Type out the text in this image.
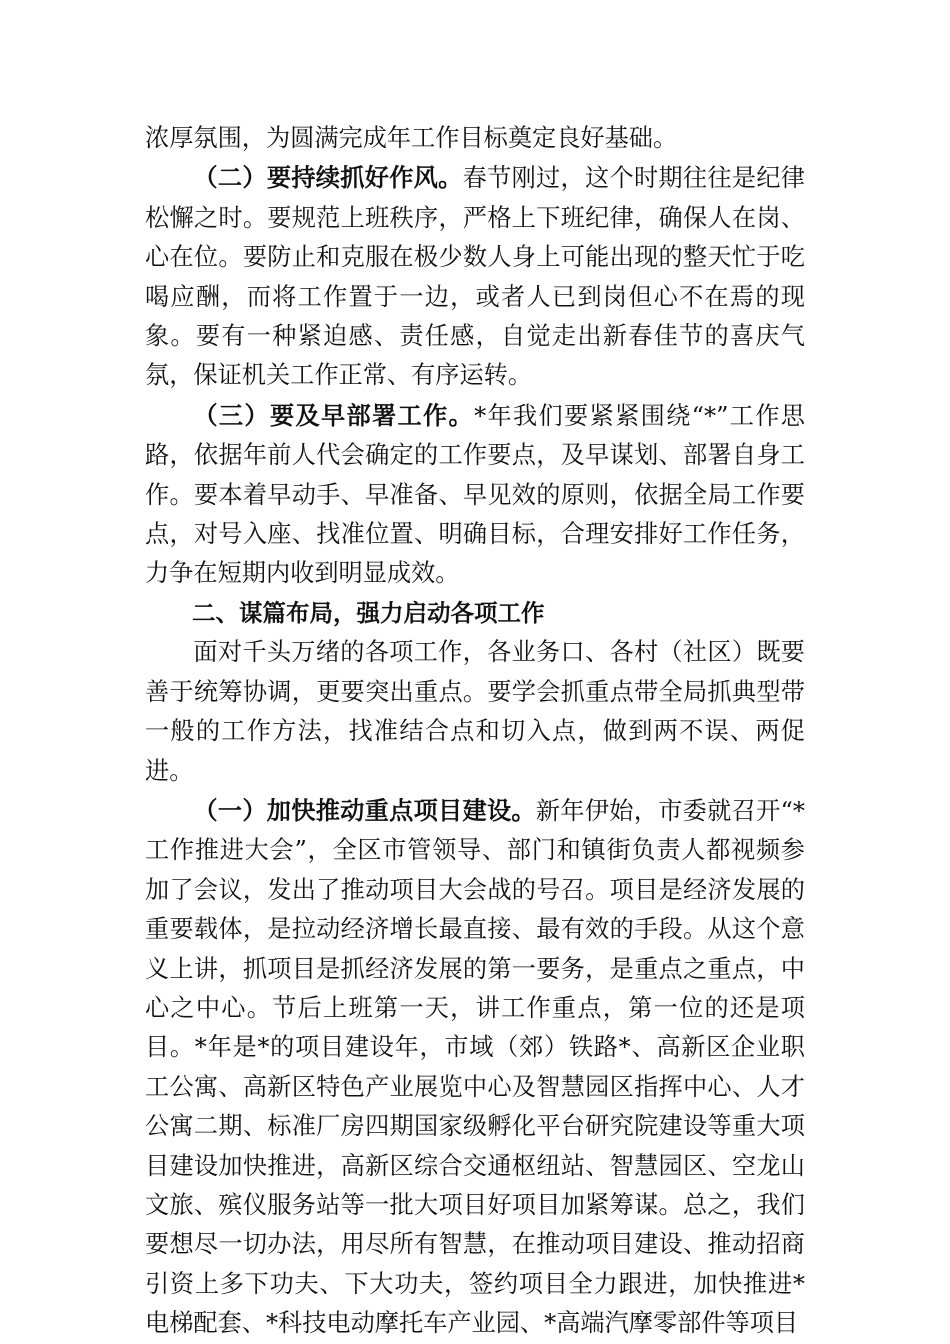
浓厚氛围，为圆满完成年工作目标奠定良好基础。

（二）要持续抓好作风。春节刚过，这个时期往往是纪律松懈之时。要规范上班秩序，严格上下班纪律，确保人在岗、心在位。要防止和克服在极少数人身上可能出现的整天忙于吃喝应酬，而将工作置于一边，或者人已到岗但心不在焉的现象。要有一种紧迫感、责任感，自觉走出新春佳节的喜庆气氛，保证机关工作正常、有序运转。

（三）要及早部署工作。*年我们要紧紧围绕“*”工作思路，依据年前人代会确定的工作要点，及早谋划、部署自身工作。要本着早动手、早准备、早见效的原则，依据全局工作要点，对号入座、找准位置、明确目标，合理安排好工作任务，力争在短期内收到明显成效。

二、谋篇布局，强力启动各项工作

面对千头万绪的各项工作，各业务口、各村（社区）既要善于统筹协调，更要突出重点。要学会抓重点带全局抓典型带一般的工作方法，找准结合点和切入点，做到两不误、两促进。

（一）加快推动重点项目建设。新年伊始，市委就召开“*工作推进大会”，全区市管领导、部门和镇街负责人都视频参加了会议，发出了推动项目大会战的号召。项目是经济发展的重要载体，是拉动经济增长最直接、最有效的手段。从这个意义上讲，抓项目是抓经济发展的第一要务，是重点之重点，中心之中心。节后上班第一天，讲工作重点，第一位的还是项目。*年是*的项目建设年，市域（郊）铁路*、高新区企业职工公寓、高新区特色产业展览中心及智慧园区指挥中心、人才公寓二期、标准厂房四期国家级孵化平台研究院建设等重大项目建设加快推进，高新区综合交通枢纽站、智慧园区、空龙山文旅、殡仪服务站等一批大项目好项目加紧筹谋。总之，我们要想尽一切办法，用尽所有智慧，在推动项目建设、推动招商引资上多下功夫、下大功夫，签约项目全力跟进，加快推进*电梯配套、*科技电动摩托车产业园、*高端汽摩零部件等项目
